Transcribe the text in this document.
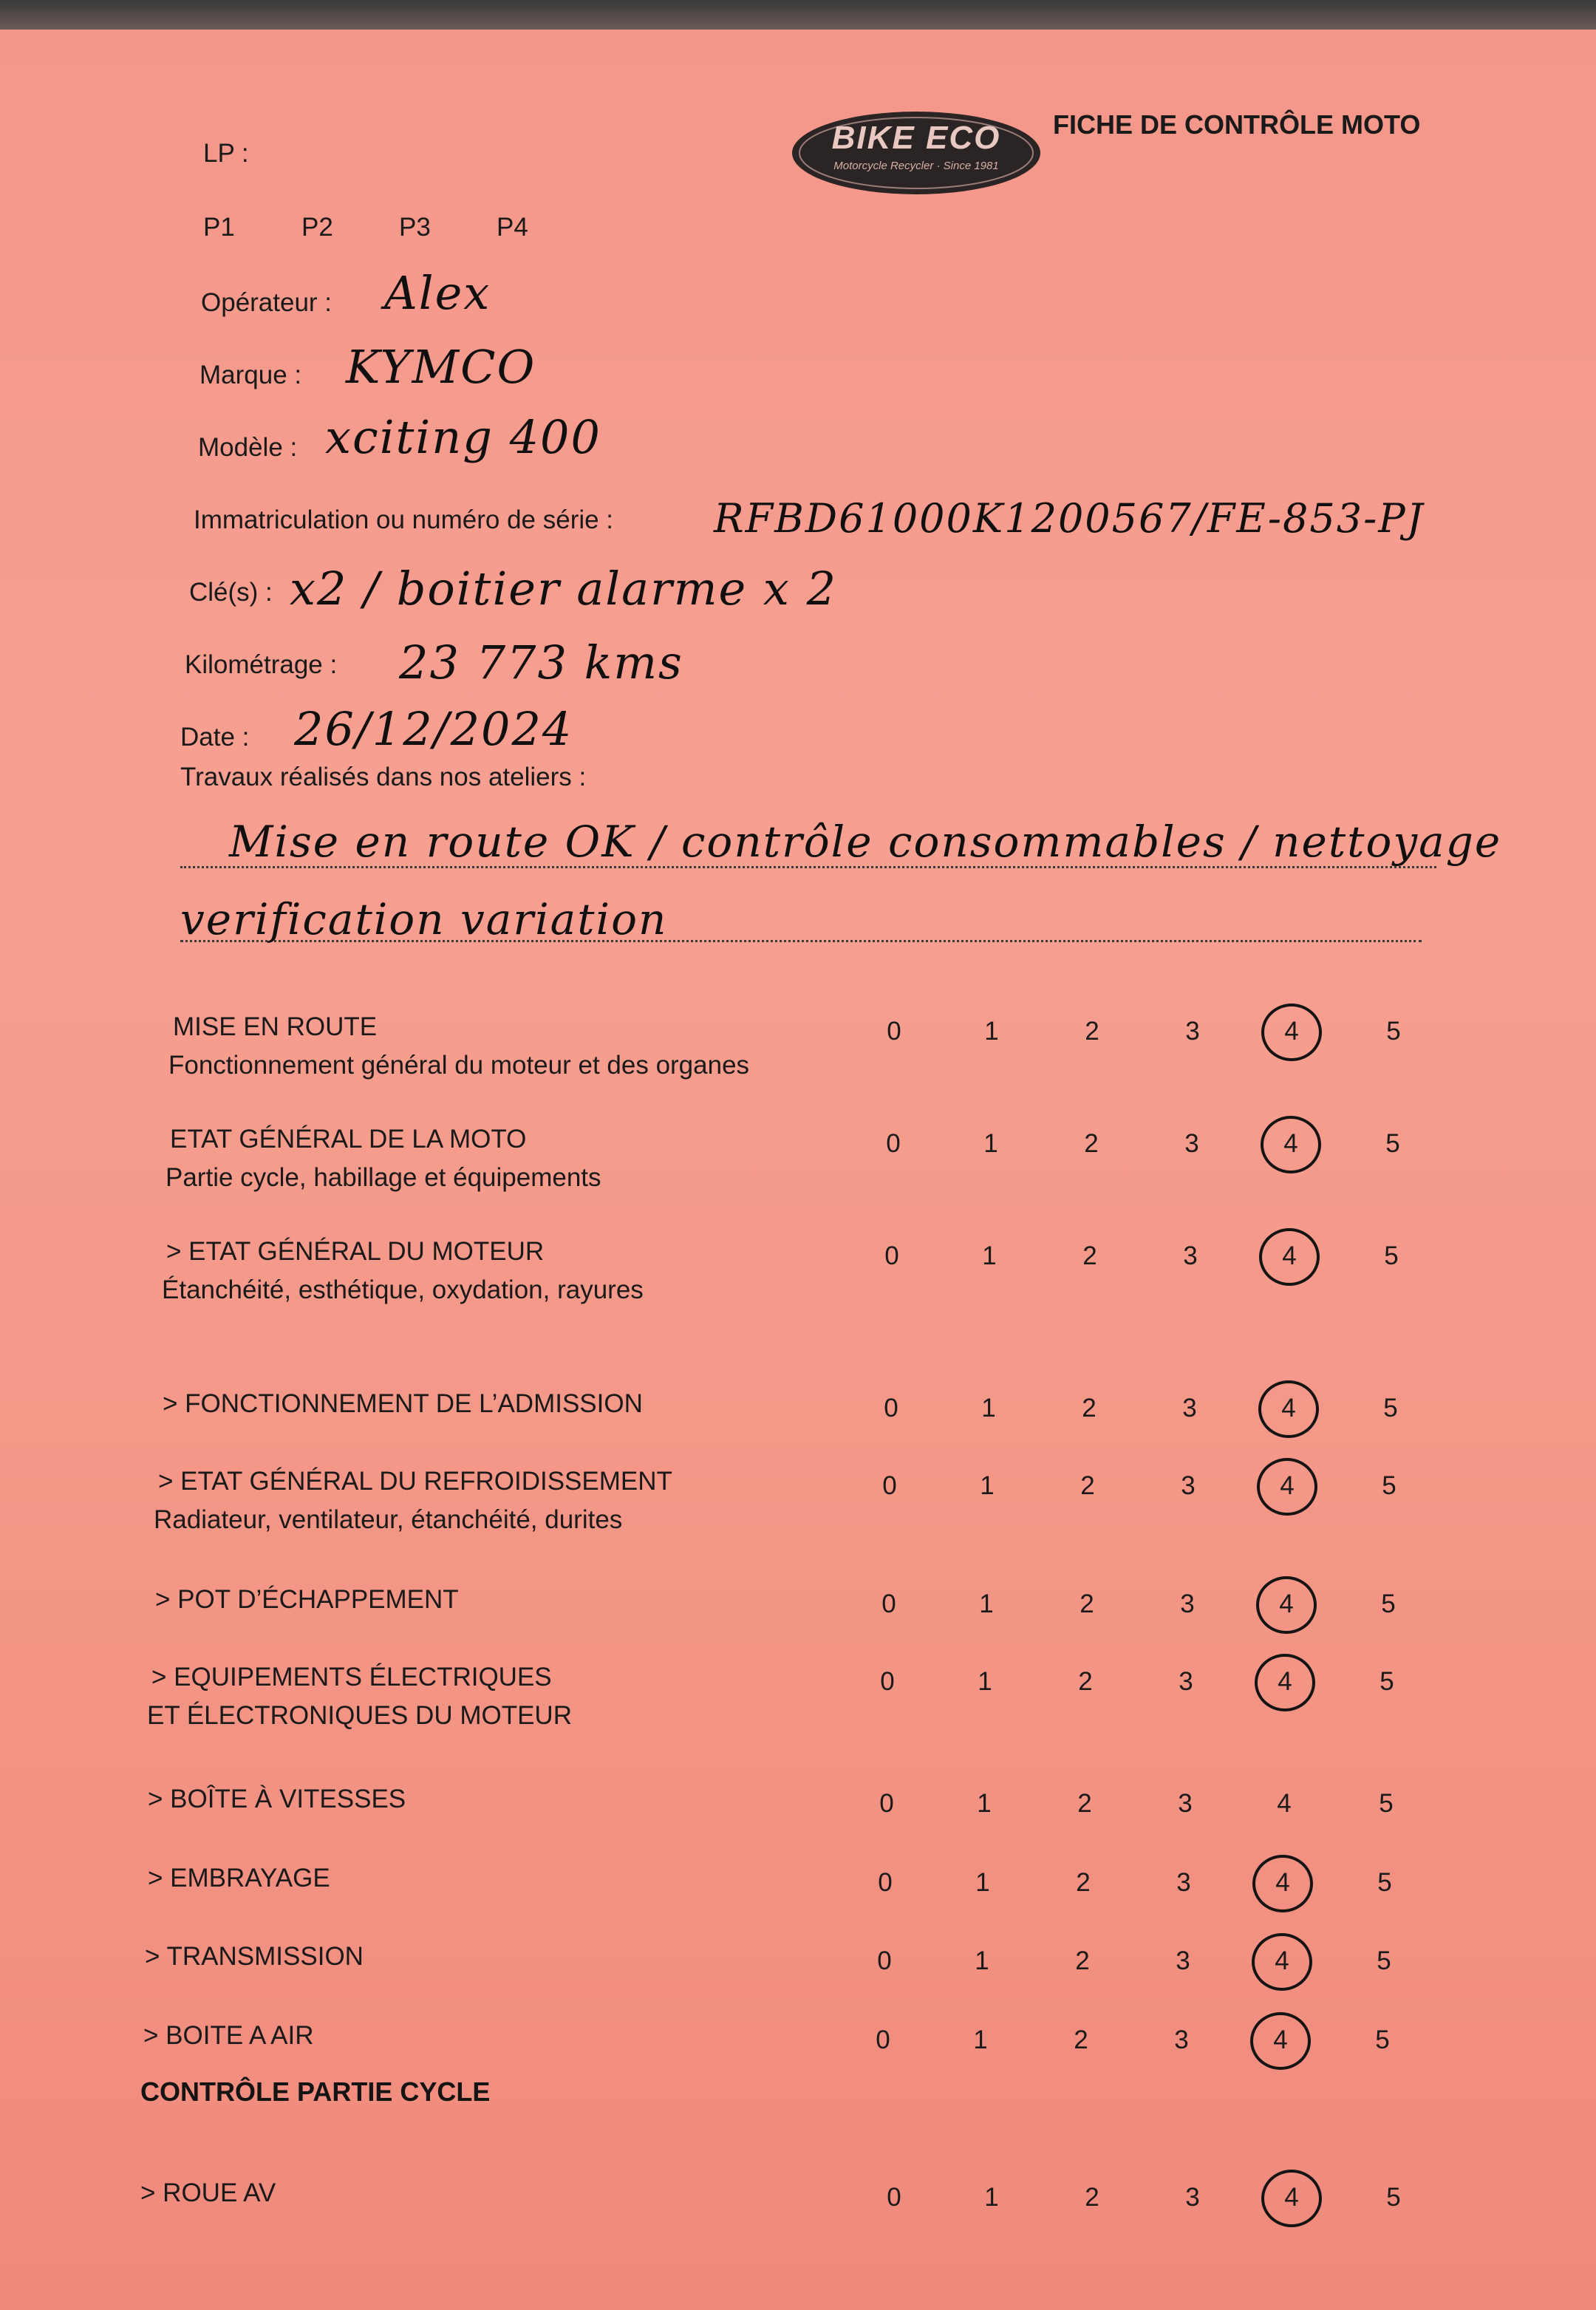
BIKE ECO
Motorcycle Recycler · Since 1981
FICHE DE CONTRÔLE MOTO
LP :
P1	P2	P3	P4
Opérateur : Alex
Marque : KYMCO
Modèle : xciting 400
Immatriculation ou numéro de série :	RFBD61000K1200567/FE-853-PJ
Clé(s) : x2 / boitier alarme x 2
Kilométrage : 23 773 kms
Date : 26/12/2024
Travaux réalisés dans nos ateliers :
Mise en route OK / contrôle consommables / nettoyage
verification variation
CONTRÔLE PARTIE CYCLE
MISE EN ROUTE
Fonctionnement général du moteur et des organes
0	1	2	3	4	5
ETAT GÉNÉRAL DE LA MOTO
Partie cycle, habillage et équipements
0	1	2	3	4	5
> ETAT GÉNÉRAL DU MOTEUR
Étanchéité, esthétique, oxydation, rayures
0	1	2	3	4	5
> FONCTIONNEMENT DE L’ADMISSION	0	1	2	3	4	5
> ETAT GÉNÉRAL DU REFROIDISSEMENT
Radiateur, ventilateur, étanchéité, durites
0	1	2	3	4	5
> POT D’ÉCHAPPEMENT	0	1	2	3	4	5
> EQUIPEMENTS ÉLECTRIQUES
ET ÉLECTRONIQUES DU MOTEUR
0	1	2	3	4	5
> BOÎTE À VITESSES	0	1	2	3	4	5
> EMBRAYAGE	0	1	2	3	4	5
> TRANSMISSION	0	1	2	3	4	5
> BOITE A AIR	0	1	2	3	4	5
> ROUE AV	0	1	2	3	4	5
